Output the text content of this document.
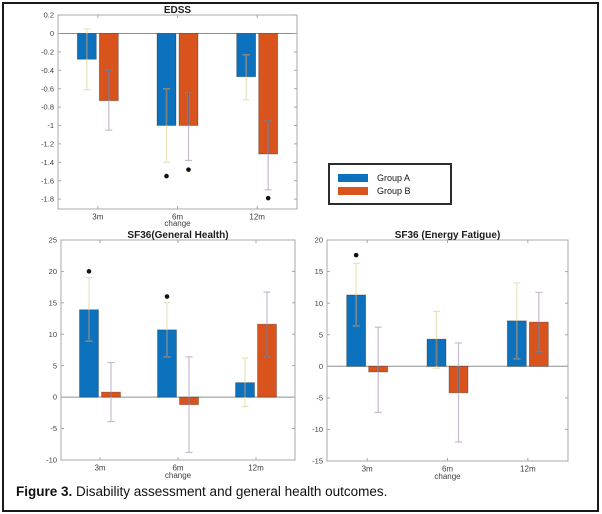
3m	6m	12m
0.2
0
-0.2
-0.4
-0.6
-0.8
-1
-1.2
-1.4
-1.6
-1.8
3m	6m	12m
25
20
15
10
5
0
-5
-10
3m	6m	12m
20
15
10
5
0
-5
-10
-15
EDSS
SF36(General Health)	SF36 (Energy Fatigue)
change
change	change
Group A
Group B
Figure 3. Disability assessment and general health outcomes.
